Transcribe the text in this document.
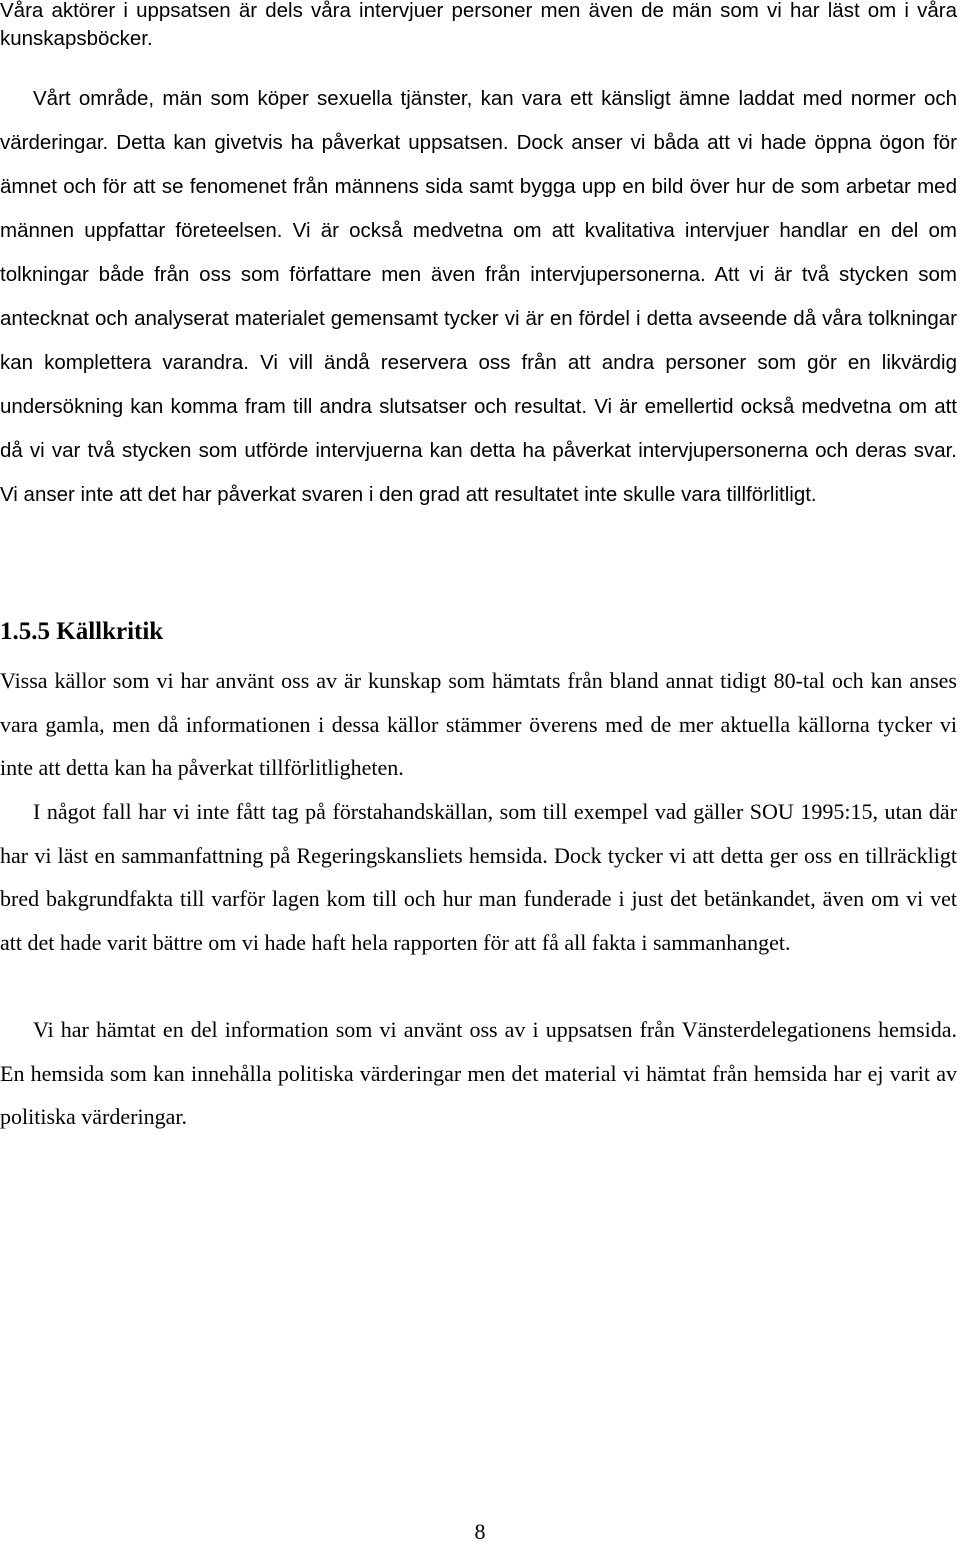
Våra aktörer i uppsatsen är dels våra intervjuer personer men även de män som vi har läst om i våra kunskapsböcker.

Vårt område, män som köper sexuella tjänster, kan vara ett känsligt ämne laddat med normer och värderingar. Detta kan givetvis ha påverkat uppsatsen. Dock anser vi båda att vi hade öppna ögon för ämnet och för att se fenomenet från männens sida samt bygga upp en bild över hur de som arbetar med männen uppfattar företeelsen. Vi är också medvetna om att kvalitativa intervjuer handlar en del om tolkningar både från oss som författare men även från intervjupersonerna. Att vi är två stycken som antecknat och analyserat materialet gemensamt tycker vi är en fördel i detta avseende då våra tolkningar kan komplettera varandra. Vi vill ändå reservera oss från att andra personer som gör en likvärdig undersökning kan komma fram till andra slutsatser och resultat. Vi är emellertid också medvetna om att då vi var två stycken som utförde intervjuerna kan detta ha påverkat intervjupersonerna och deras svar. Vi anser inte att det har påverkat svaren i den grad att resultatet inte skulle vara tillförlitligt.

1.5.5 Källkritik

Vissa källor som vi har använt oss av är kunskap som hämtats från bland annat tidigt 80-tal och kan anses vara gamla, men då informationen i dessa källor stämmer överens med de mer aktuella källorna tycker vi inte att detta kan ha påverkat tillförlitligheten.

I något fall har vi inte fått tag på förstahandskällan, som till exempel vad gäller SOU 1995:15, utan där har vi läst en sammanfattning på Regeringskansliets hemsida. Dock tycker vi att detta ger oss en tillräckligt bred bakgrundfakta till varför lagen kom till och hur man funderade i just det betänkandet, även om vi vet att det hade varit bättre om vi hade haft hela rapporten för att få all fakta i sammanhanget.

Vi har hämtat en del information som vi använt oss av i uppsatsen från Vänsterdelegationens hemsida. En hemsida som kan innehålla politiska värderingar men det material vi hämtat från hemsida har ej varit av politiska värderingar.

8
